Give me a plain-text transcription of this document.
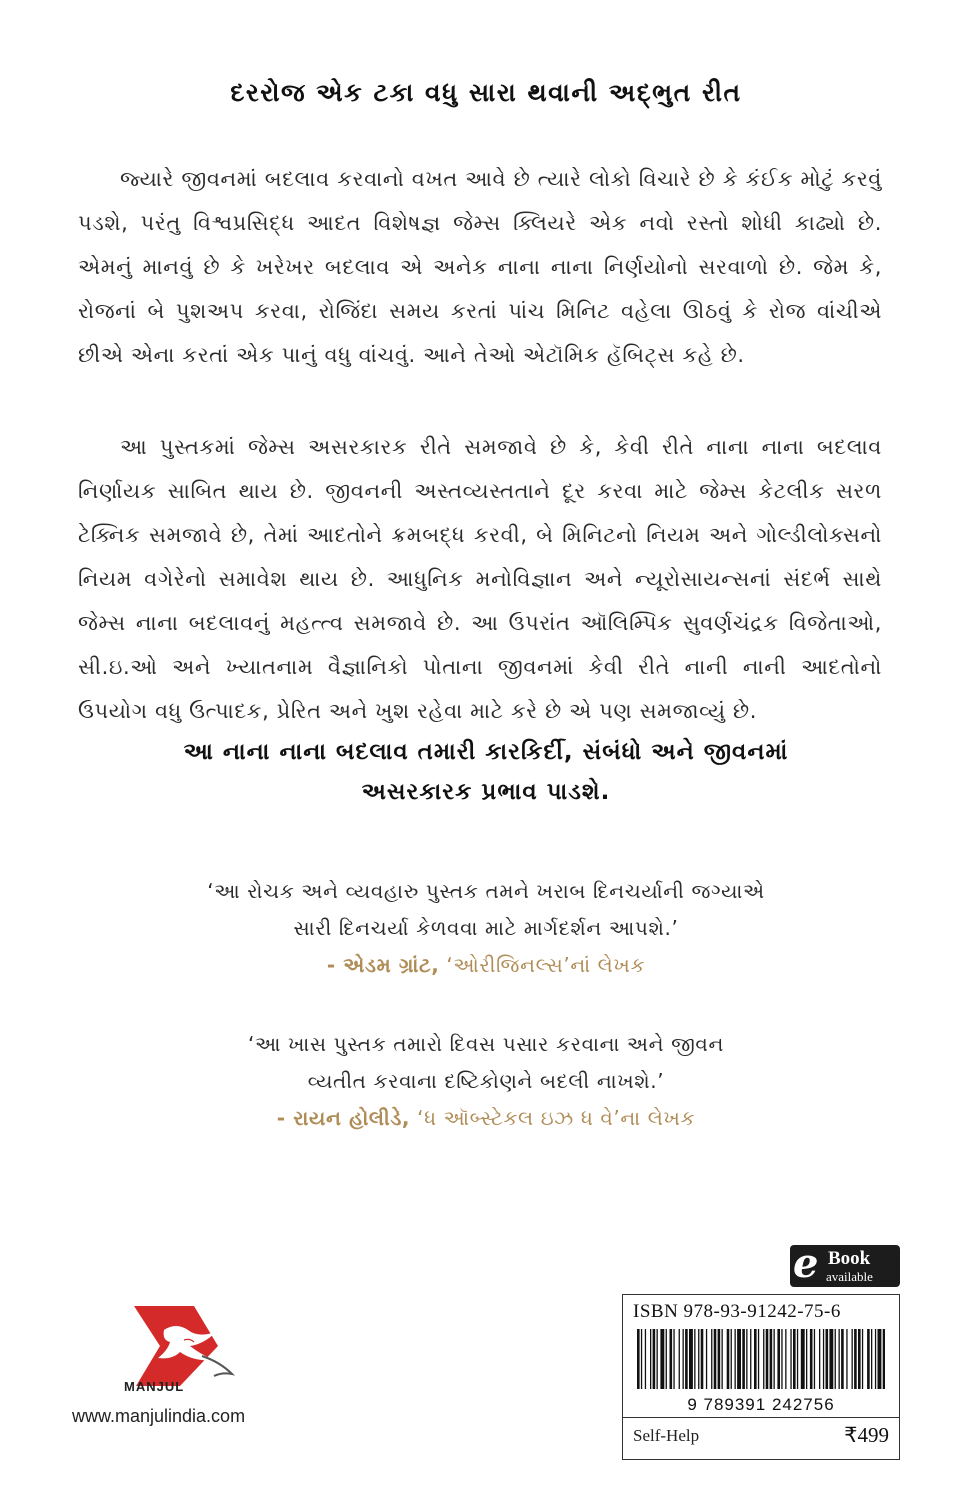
દરરોજ એક ટકા વધુ સારા થવાની અદ્ભુત રીત
જ્યારે જીવનમાં બદલાવ કરવાનો વખત આવે છે ત્યારે લોકો વિચારે છે કે કંઈક મોટું કરવું પડશે, પરંતુ વિશ્વપ્રસિદ્ધ આદત વિશેષજ્ઞ જેમ્સ ક્લિયરે એક નવો રસ્તો શોધી કાઢ્યો છે. એમનું માનવું છે કે ખરેખર બદલાવ એ અનેક નાના નાના નિર્ણયોનો સરવાળો છે. જેમ કે, રોજનાં બે પુશઅપ કરવા, રોજિંદા સમય કરતાં પાંચ મિનિટ વહેલા ઊઠવું કે રોજ વાંચીએ છીએ એના કરતાં એક પાનું વધુ વાંચવું. આને તેઓ એટૉમિક હૅબિટ્સ કહે છે.
આ પુસ્તકમાં જેમ્સ અસરકારક રીતે સમજાવે છે કે, કેવી રીતે નાના નાના બદલાવ નિર્ણાયક સાબિત થાય છે. જીવનની અસ્તવ્યસ્તતાને દૂર કરવા માટે જેમ્સ કેટલીક સરળ ટેક્નિક સમજાવે છે, તેમાં આદતોને ક્રમબદ્ધ કરવી, બે મિનિટનો નિયમ અને ગોલ્ડીલોક્સનો નિયમ વગેરેનો સમાવેશ થાય છે. આધુનિક મનોવિજ્ઞાન અને ન્યૂરોસાયન્સનાં સંદર્ભ સાથે જેમ્સ નાના બદલાવનું મહત્ત્વ સમજાવે છે. આ ઉપરાંત ઑલિમ્પિક સુવર્ણચંદ્રક વિજેતાઓ, સી.ઇ.ઓ અને ખ્યાતનામ વૈજ્ઞાનિકો પોતાના જીવનમાં કેવી રીતે નાની નાની આદતોનો ઉપયોગ વધુ ઉત્પાદક, પ્રેરિત અને ખુશ રહેવા માટે કરે છે એ પણ સમજાવ્યું છે.
આ નાના નાના બદલાવ તમારી કારકિર્દી, સંબંધો અને જીવનમાં
અસરકારક પ્રભાવ પાડશે.
‘આ રોચક અને વ્યવહારુ પુસ્તક તમને ખરાબ દિનચર્યાની જગ્યાએ
સારી દિનચર્યા કેળવવા માટે માર્ગદર્શન આપશે.’
- એડમ ગ્રાંટ, ‘ઓરીજિનલ્સ’નાં લેખક
‘આ ખાસ પુસ્તક તમારો દિવસ પસાર કરવાના અને જીવન
વ્યતીત કરવાના દષ્ટિકોણને બદલી નાખશે.’
- રાયન હોલીડે, ‘ધ ઑબ્સ્ટેકલ ઇઝ ધ વે’ના લેખક
e Book
available
ISBN 978-93-91242-75-6
9 789391 242756
Self-Help	₹499
MANJUL
www.manjulindia.com
